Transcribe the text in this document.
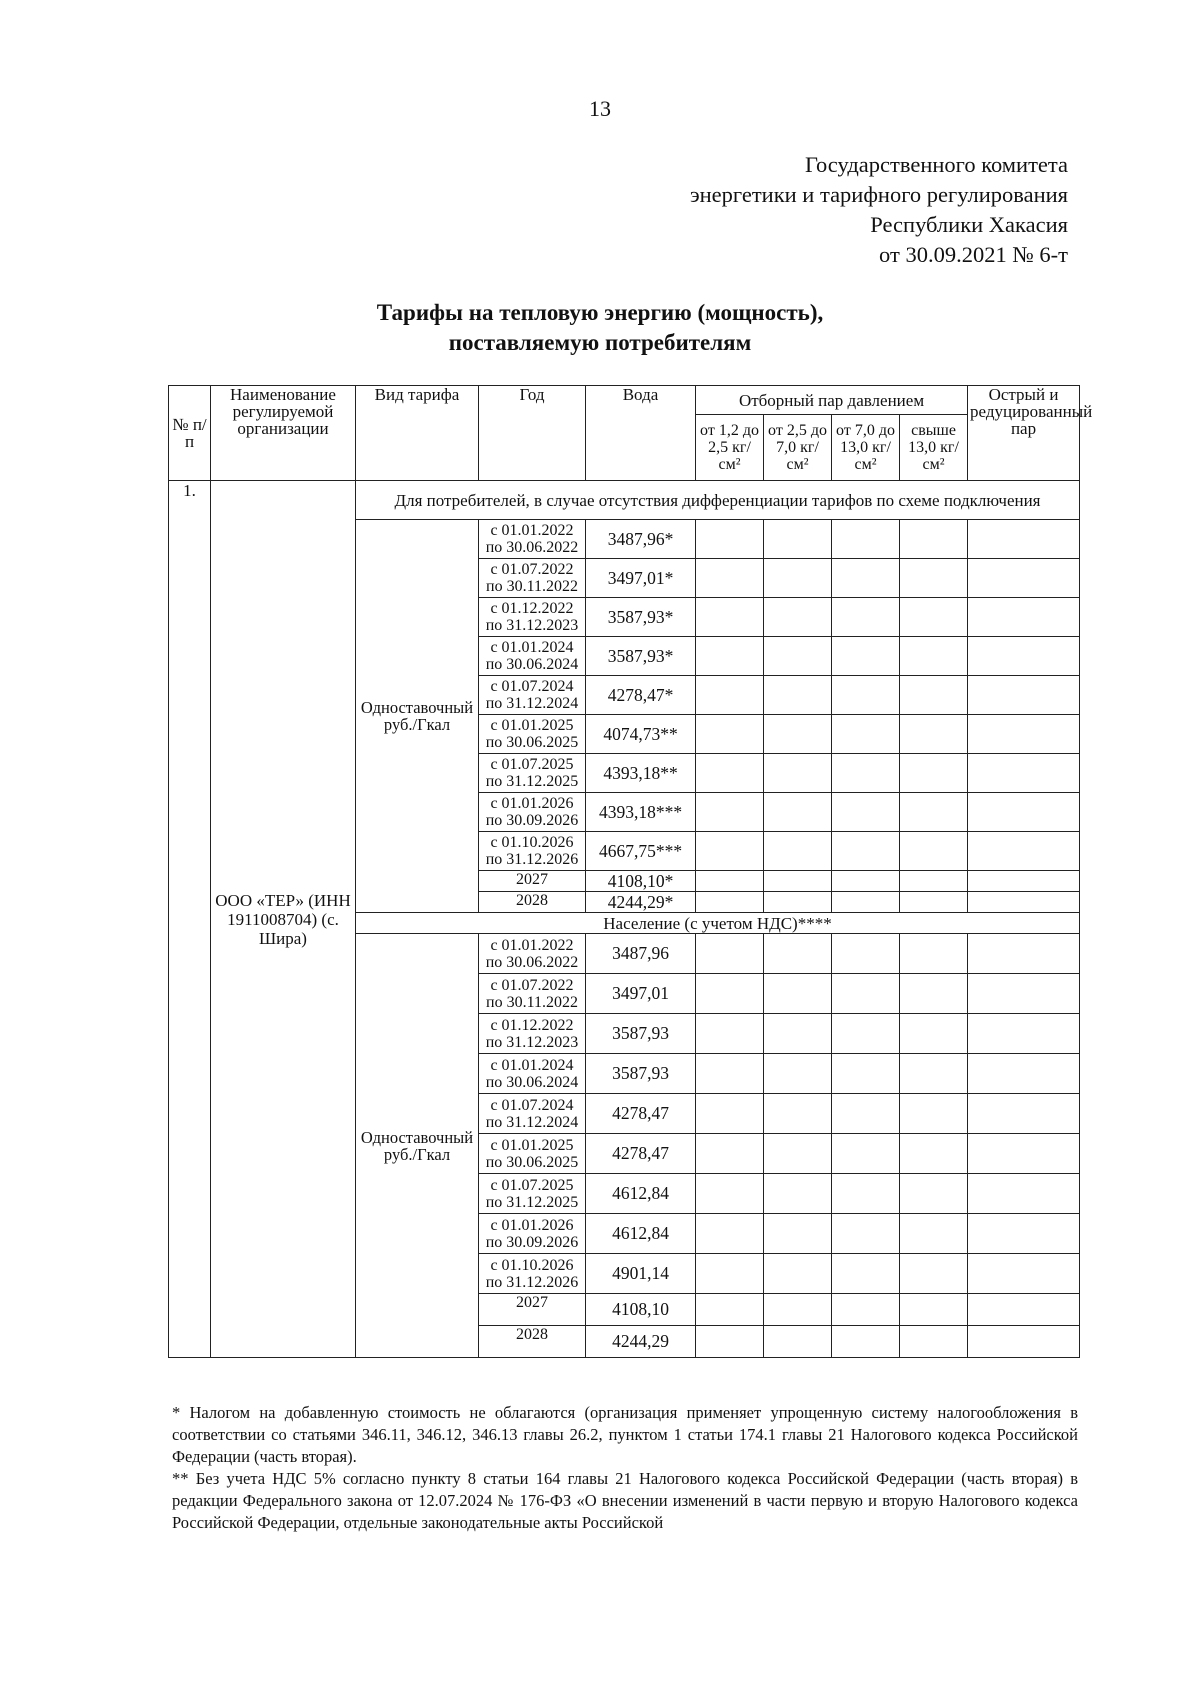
13
Государственного комитета
энергетики и тарифного регулирования
Республики Хакасия
от 30.09.2021 № 6-т
Тарифы на тепловую энергию (мощность),
поставляемую потребителям
№ п/п	Наименование регулируемой организации	Вид тарифа	Год	Вода	Отборный пар давлением				Острый и редуцированный пар
					от 1,2 до 2,5 кг/см²	от 2,5 до 7,0 кг/см²	от 7,0 до 13,0 кг/см²	свыше 13,0 кг/см²	
1.	ООО «ТЕР» (ИНН 1911008704) (с. Шира)	Для потребителей, в случае отсутствия дифференциации тарифов по схеме подключения							
		Одноставочный руб./Гкал	с 01.01.2022 по 30.06.2022	3487,96*					
			с 01.07.2022 по 30.11.2022	3497,01*					
			с 01.12.2022 по 31.12.2023	3587,93*					
			с 01.01.2024 по 30.06.2024	3587,93*					
			с 01.07.2024 по 31.12.2024	4278,47*					
			с 01.01.2025 по 30.06.2025	4074,73**					
			с 01.07.2025 по 31.12.2025	4393,18**					
			с 01.01.2026 по 30.09.2026	4393,18***					
			с 01.10.2026 по 31.12.2026	4667,75***					
			2027	4108,10*					
			2028	4244,29*					
		Население (с учетом НДС)****							
		Одноставочный руб./Гкал	с 01.01.2022 по 30.06.2022	3487,96					
			с 01.07.2022 по 30.11.2022	3497,01					
			с 01.12.2022 по 31.12.2023	3587,93					
			с 01.01.2024 по 30.06.2024	3587,93					
			с 01.07.2024 по 31.12.2024	4278,47					
			с 01.01.2025 по 30.06.2025	4278,47					
			с 01.07.2025 по 31.12.2025	4612,84					
			с 01.01.2026 по 30.09.2026	4612,84					
			с 01.10.2026 по 31.12.2026	4901,14					
			2027	4108,10					
			2028	4244,29					

* Налогом на добавленную стоимость не облагаются (организация применяет упрощенную систему налогообложения в соответствии со статьями 346.11, 346.12, 346.13 главы 26.2, пунктом 1 статьи 174.1 главы 21 Налогового кодекса Российской Федерации (часть вторая).

** Без учета НДС 5% согласно пункту 8 статьи 164 главы 21 Налогового кодекса Российской Федерации (часть вторая) в редакции Федерального закона от 12.07.2024 № 176-ФЗ «О внесении изменений в части первую и вторую Налогового кодекса Российской Федерации, отдельные законодательные акты Российской
